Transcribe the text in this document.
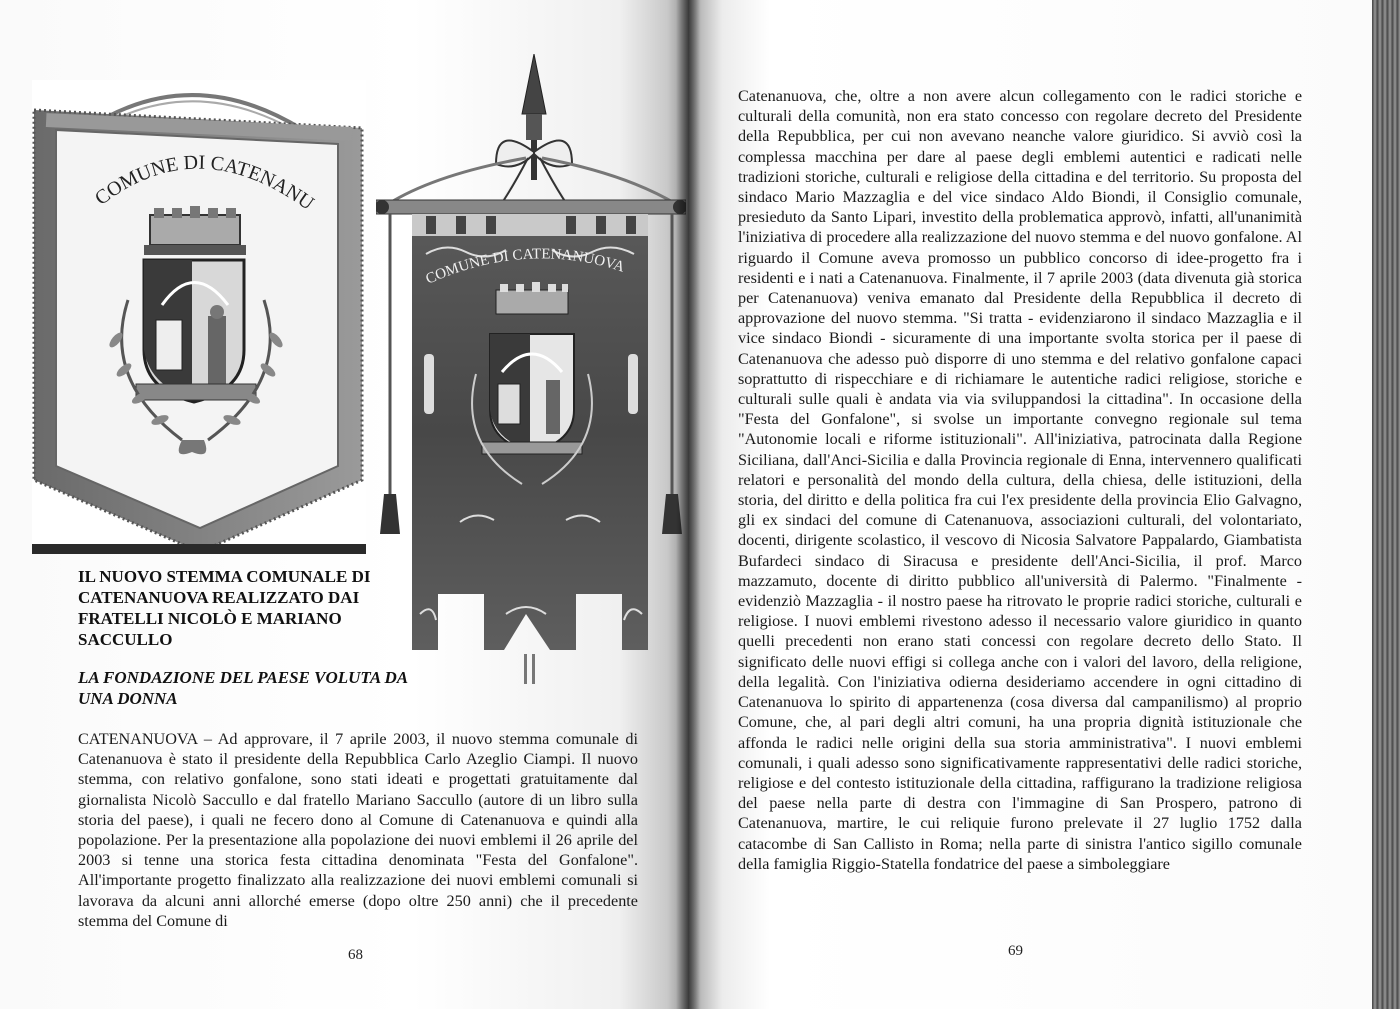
COMUNE DI CATENANU
COMUNE DI CATENANUOVA

IL NUOVO STEMMA COMUNALE DI CATENANUOVA REALIZZATO DAI FRATELLI NICOLÒ E MARIANO SACCULLO

LA FONDAZIONE DEL PAESE VOLUTA DA UNA DONNA

CATENANUOVA – Ad approvare, il 7 aprile 2003, il nuovo stemma comunale di Catenanuova è stato il presidente della Repubblica Carlo Azeglio Ciampi. Il nuovo stemma, con relativo gonfalone, sono stati ideati e progettati gratuitamente dal giornalista Nicolò Saccullo e dal fratello Mariano Saccullo (autore di un libro sulla storia del paese), i quali ne fecero dono al Comune di Catenanuova e quindi alla popolazione. Per la presentazione alla popolazione dei nuovi emblemi il 26 aprile del 2003 si tenne una storica festa cittadina denominata "Festa del Gonfalone". All'importante progetto finalizzato alla realizzazione dei nuovi emblemi comunali si lavorava da alcuni anni allorché emerse (dopo oltre 250 anni) che il precedente stemma del Comune di

68

Catenanuova, che, oltre a non avere alcun collegamento con le radici storiche e culturali della comunità, non era stato concesso con regolare decreto del Presidente della Repubblica, per cui non avevano neanche valore giuridico. Si avviò così la complessa macchina per dare al paese degli emblemi autentici e radicati nelle tradizioni storiche, culturali e religiose della cittadina e del territorio. Su proposta del sindaco Mario Mazzaglia e del vice sindaco Aldo Biondi, il Consiglio comunale, presieduto da Santo Lipari, investito della problematica approvò, infatti, all'unanimità l'iniziativa di procedere alla realizzazione del nuovo stemma e del nuovo gonfalone. Al riguardo il Comune aveva promosso un pubblico concorso di idee-progetto fra i residenti e i nati a Catenanuova. Finalmente, il 7 aprile 2003 (data divenuta già storica per Catenanuova) veniva emanato dal Presidente della Repubblica il decreto di approvazione del nuovo stemma. "Si tratta - evidenziarono il sindaco Mazzaglia e il vice sindaco Biondi - sicuramente di una importante svolta storica per il paese di Catenanuova che adesso può disporre di uno stemma e del relativo gonfalone capaci soprattutto di rispecchiare e di richiamare le autentiche radici religiose, storiche e culturali sulle quali è andata via via sviluppandosi la cittadina". In occasione della "Festa del Gonfalone", si svolse un importante convegno regionale sul tema "Autonomie locali e riforme istituzionali". All'iniziativa, patrocinata dalla Regione Siciliana, dall'Anci-Sicilia e dalla Provincia regionale di Enna, intervennero qualificati relatori e personalità del mondo della cultura, della chiesa, delle istituzioni, della storia, del diritto e della politica fra cui l'ex presidente della provincia Elio Galvagno, gli ex sindaci del comune di Catenanuova, associazioni culturali, del volontariato, docenti, dirigente scolastico, il vescovo di Nicosia Salvatore Pappalardo, Giambatista Bufardeci sindaco di Siracusa e presidente dell'Anci-Sicilia, il prof. Marco mazzamuto, docente di diritto pubblico all'università di Palermo. "Finalmente - evidenziò Mazzaglia - il nostro paese ha ritrovato le proprie radici storiche, culturali e religiose. I nuovi emblemi rivestono adesso il necessario valore giuridico in quanto quelli precedenti non erano stati concessi con regolare decreto dello Stato. Il significato delle nuovi effigi si collega anche con i valori del lavoro, della religione, della legalità. Con l'iniziativa odierna desideriamo accendere in ogni cittadino di Catenanuova lo spirito di appartenenza (cosa diversa dal campanilismo) al proprio Comune, che, al pari degli altri comuni, ha una propria dignità istituzionale che affonda le radici nelle origini della sua storia amministrativa". I nuovi emblemi comunali, i quali adesso sono significativamente rappresentativi delle radici storiche, religiose e del contesto istituzionale della cittadina, raffigurano la tradizione religiosa del paese nella parte di destra con l'immagine di San Prospero, patrono di Catenanuova, martire, le cui reliquie furono prelevate il 27 luglio 1752 dalla catacombe di San Callisto in Roma; nella parte di sinistra l'antico sigillo comunale della famiglia Riggio-Statella fondatrice del paese a simboleggiare

69
